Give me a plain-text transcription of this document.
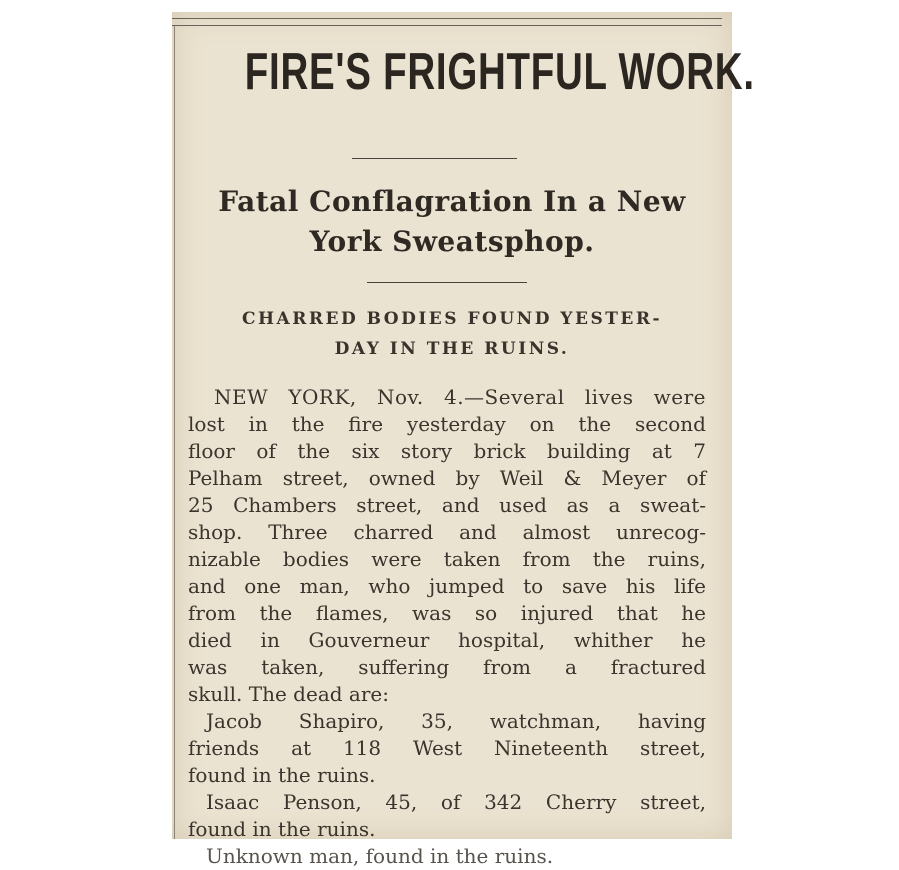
FIRE'S FRIGHTFUL WORK.
Fatal Conflagration In a New
York Sweatsphop.
CHARRED BODIES FOUND YESTER-
DAY IN THE RUINS.
NEW YORK, Nov. 4.—Several lives were
lost in the fire yesterday on the second
floor of the six story brick building at 7
Pelham street, owned by Weil & Meyer of
25 Chambers street, and used as a sweat-
shop. Three charred and almost unrecog-
nizable bodies were taken from the ruins,
and one man, who jumped to save his life
from the flames, was so injured that he
died in Gouverneur hospital, whither he
was taken, suffering from a fractured
skull. The dead are:
Jacob Shapiro, 35, watchman, having
friends at 118 West Nineteenth street,
found in the ruins.
Isaac Penson, 45, of 342 Cherry street,
found in the ruins.
Unknown man, found in the ruins.
